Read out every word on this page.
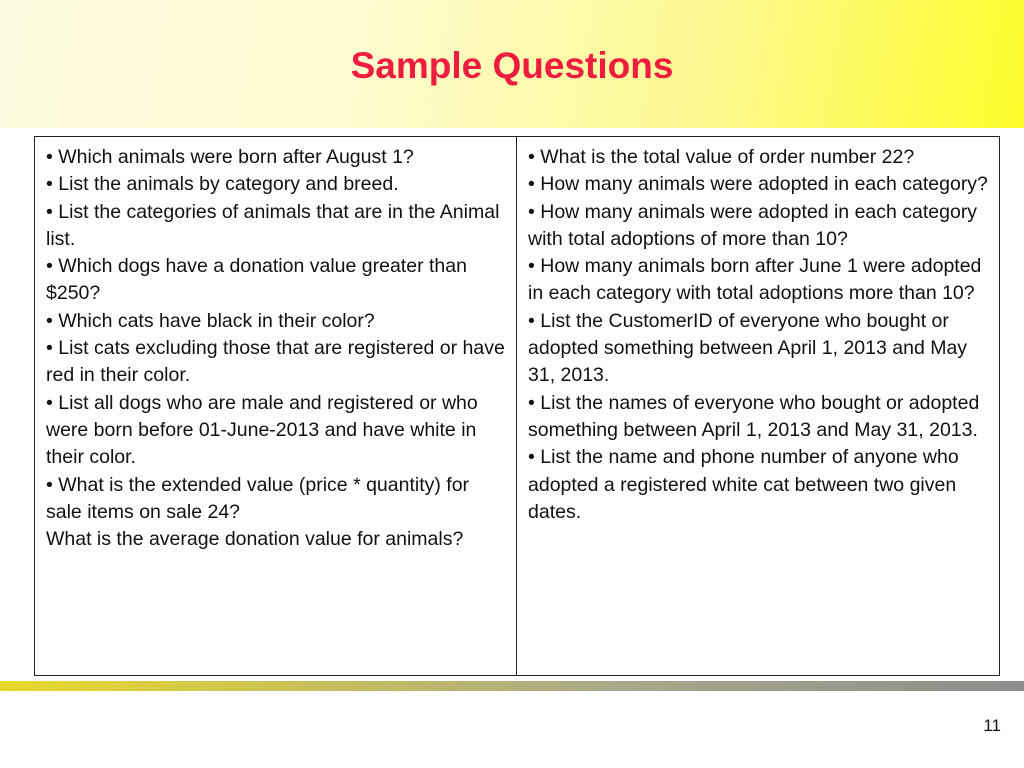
Sample Questions
• Which animals were born after August 1?
• List the animals by category and breed.
• List the categories of animals that are in the Animal list.
• Which dogs have a donation value greater than $250?
• Which cats have black in their color?
• List cats excluding those that are registered or have red in their color.
• List all dogs who are male and registered or who were born before 01-June-2013 and have white in their color.
• What is the extended value (price * quantity) for sale items on sale 24?
What is the average donation value for animals?
• What is the total value of order number 22?
• How many animals were adopted in each category?
• How many animals were adopted in each category with total adoptions of more than 10?
• How many animals born after June 1 were adopted in each category with total adoptions more than 10?
• List the CustomerID of everyone who bought or adopted something between April 1, 2013 and May 31, 2013.
• List the names of everyone who bought or adopted something between April 1, 2013 and May 31, 2013.
• List the name and phone number of anyone who adopted a registered white cat between two given dates.
11
